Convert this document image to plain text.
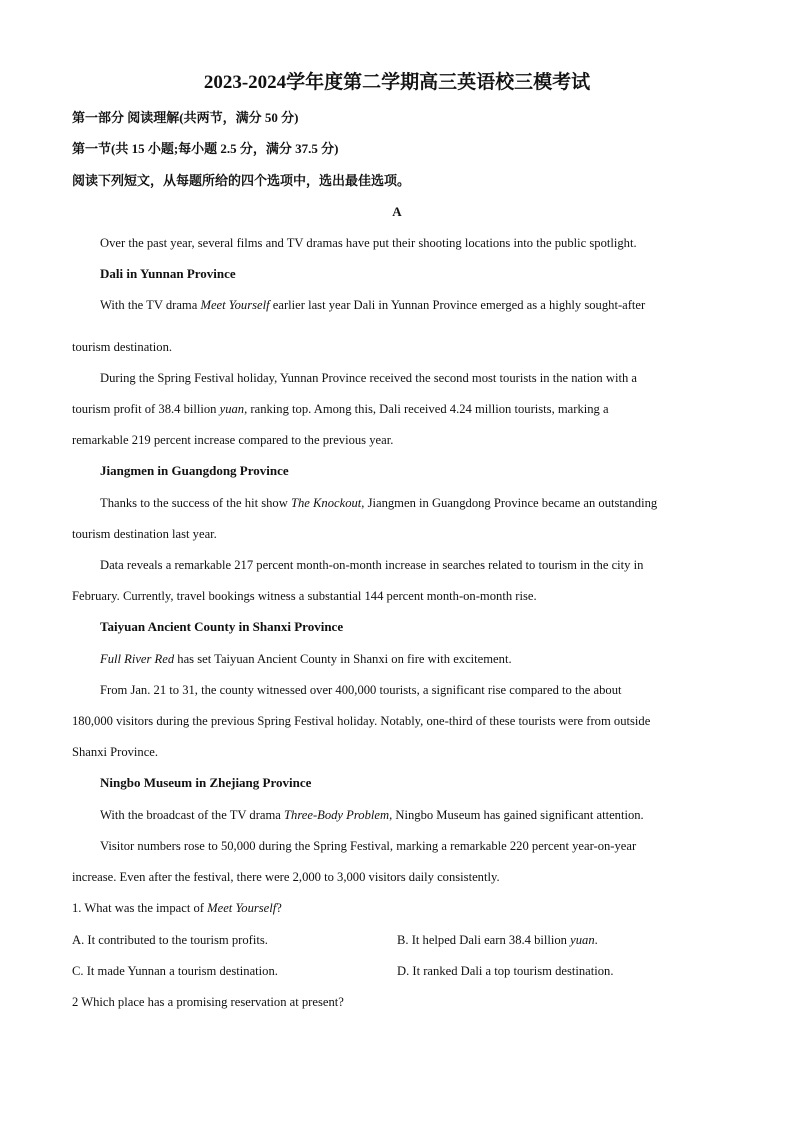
2023-2024学年度第二学期高三英语校三模考试
第一部分 阅读理解(共两节，满分 50 分)
第一节(共 15 小题;每小题 2.5 分，满分 37.5 分)
阅读下列短文，从每题所给的四个选项中，选出最佳选项。
A
Over the past year, several films and TV dramas have put their shooting locations into the public spotlight.
Dali in Yunnan Province
With the TV drama Meet Yourself earlier last year Dali in Yunnan Province emerged as a highly sought-after
tourism destination.
During the Spring Festival holiday, Yunnan Province received the second most tourists in the nation with a
tourism profit of 38.4 billion yuan, ranking top. Among this, Dali received 4.24 million tourists, marking a
remarkable 219 percent increase compared to the previous year.
Jiangmen in Guangdong Province
Thanks to the success of the hit show The Knockout, Jiangmen in Guangdong Province became an outstanding
tourism destination last year.
Data reveals a remarkable 217 percent month-on-month increase in searches related to tourism in the city in
February. Currently, travel bookings witness a substantial 144 percent month-on-month rise.
Taiyuan Ancient County in Shanxi Province
Full River Red has set Taiyuan Ancient County in Shanxi on fire with excitement.
From Jan. 21 to 31, the county witnessed over 400,000 tourists, a significant rise compared to the about
180,000 visitors during the previous Spring Festival holiday. Notably, one-third of these tourists were from outside
Shanxi Province.
Ningbo Museum in Zhejiang Province
With the broadcast of the TV drama Three-Body Problem, Ningbo Museum has gained significant attention.
Visitor numbers rose to 50,000 during the Spring Festival, marking a remarkable 220 percent year-on-year
increase. Even after the festival, there were 2,000 to 3,000 visitors daily consistently.
1. What was the impact of Meet Yourself?
A. It contributed to the tourism profits.	B. It helped Dali earn 38.4 billion yuan.
C. It made Yunnan a tourism destination.	D. It ranked Dali a top tourism destination.
2 Which place has a promising reservation at present?
